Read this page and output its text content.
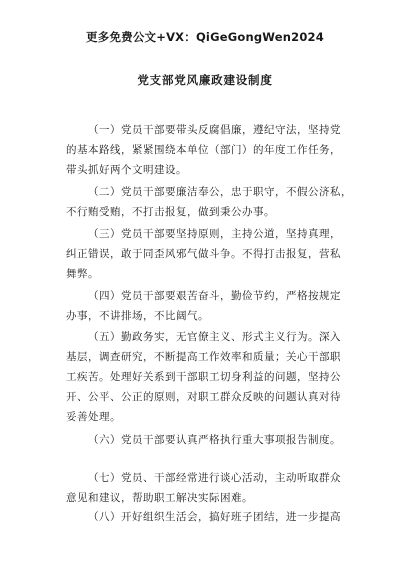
更多免费公文+VX：QiGeGongWen2024
党支部党风廉政建设制度
（一）党员干部要带头反腐倡廉，遵纪守法，坚持党
的基本路线，紧紧围绕本单位（部门）的年度工作任务，
带头抓好两个文明建设。
（二）党员干部要廉洁奉公，忠于职守，不假公济私，
不行贿受贿，不打击报复，做到秉公办事。
（三）党员干部要坚持原则，主持公道，坚持真理，
纠正错误，敢于同歪风邪气做斗争。不得打击报复，营私
舞弊。
（四）党员干部要艰苦奋斗，勤俭节约，严格按规定
办事，不讲排场，不比阔气。
（五）勤政务实，无官僚主义、形式主义行为。深入
基层，调查研究，不断提高工作效率和质量；关心干部职
工疾苦。处理好关系到干部职工切身利益的问题，坚持公
开、公平、公正的原则，对职工群众反映的问题认真对待
妥善处理。
（六）党员干部要认真严格执行重大事项报告制度。
（七）党员、干部经常进行谈心活动，主动听取群众
意见和建议，帮助职工解决实际困难。
（八）开好组织生活会，搞好班子团结，进一步提高
